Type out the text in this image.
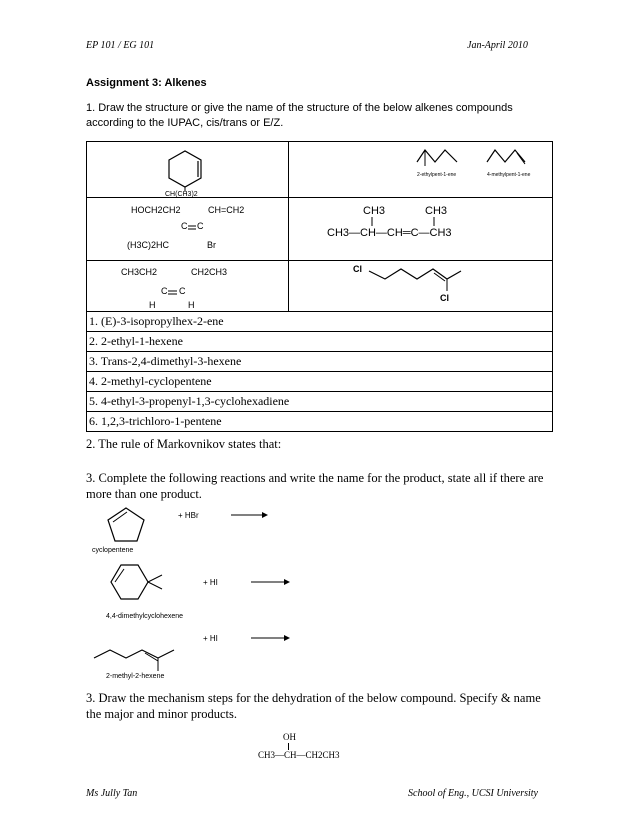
EP 101 / EG 101	Jan-April 2010
Assignment 3: Alkenes
1. Draw the structure or give the name of the structure of the below alkenes compounds according to the IUPAC, cis/trans or E/Z.
CH(CH3)2
2-ethylpent-1-ene	4-methylpent-1-ene
HOCH2CH2	CH=CH2
C C
(H3C)2HC	Br
CH3	CH3
CH3—CH—CH═C—CH3
CH3CH2	CH2CH3
C C
H	H
Cl
Cl
1. (E)-3-isopropylhex-2-ene
2. 2-ethyl-1-hexene
3. Trans-2,4-dimethyl-3-hexene
4. 2-methyl-cyclopentene
5. 4-ethyl-3-propenyl-1,3-cyclohexadiene
6. 1,2,3-trichloro-1-pentene
2. The rule of Markovnikov states that:
3. Complete the following reactions and write the name for the product, state all if there are more than one product.
+ HBr
cyclopentene
+ HI
4,4-dimethylcyclohexene
+ HI
2-methyl-2-hexene
3. Draw the mechanism steps for the dehydration of the below compound. Specify & name the major and minor products.
OH
CH3—CH—CH2CH3
Ms Jully Tan	School of Eng., UCSI University
